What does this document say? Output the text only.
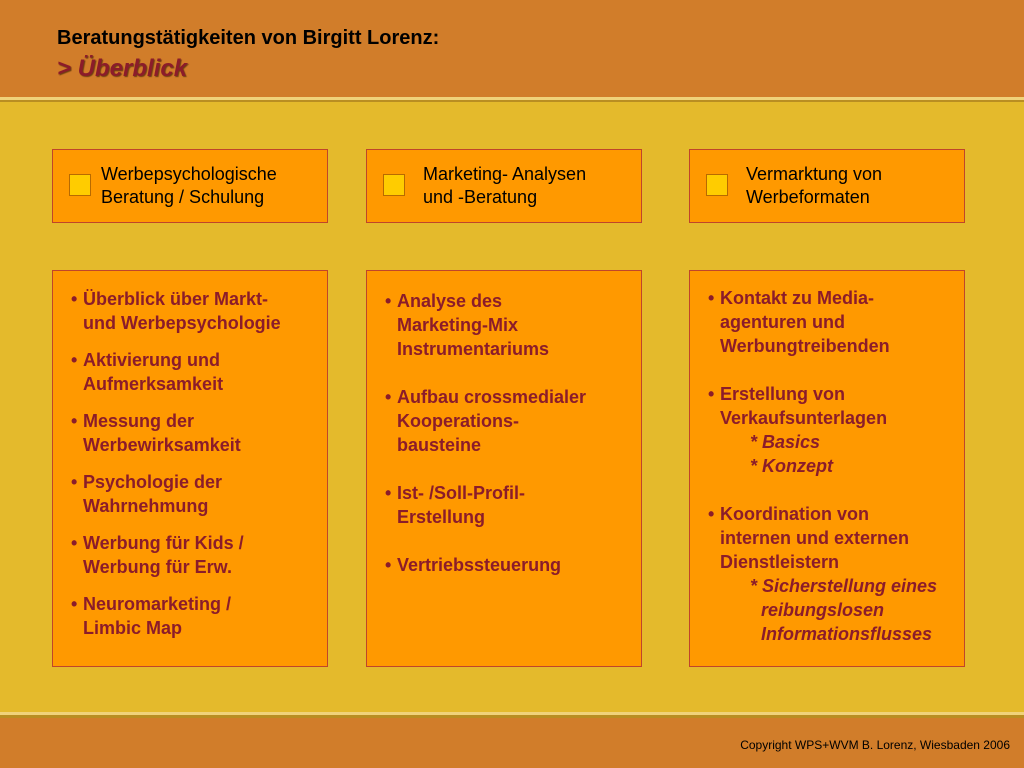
Beratungstätigkeiten von Birgitt Lorenz:
> Überblick
Werbepsychologische
Beratung / Schulung
Marketing- Analysen
und -Beratung
Vermarktung von
Werbeformaten
• Überblick über Markt-
und Werbepsychologie
• Aktivierung und
Aufmerksamkeit
• Messung der
Werbewirksamkeit
• Psychologie der
Wahrnehmung
• Werbung für Kids /
Werbung für Erw.
• Neuromarketing /
Limbic Map
• Analyse des
Marketing-Mix
Instrumentariums
• Aufbau crossmedialer
Kooperations-
bausteine
• Ist- /Soll-Profil-
Erstellung
• Vertriebssteuerung
• Kontakt zu Media-
agenturen und
Werbungtreibenden
• Erstellung von
Verkaufsunterlagen
* Basics
* Konzept
• Koordination von
internen und externen
Dienstleistern
* Sicherstellung eines
reibungslosen
Informationsflusses
Copyright WPS+WVM B. Lorenz, Wiesbaden 2006
